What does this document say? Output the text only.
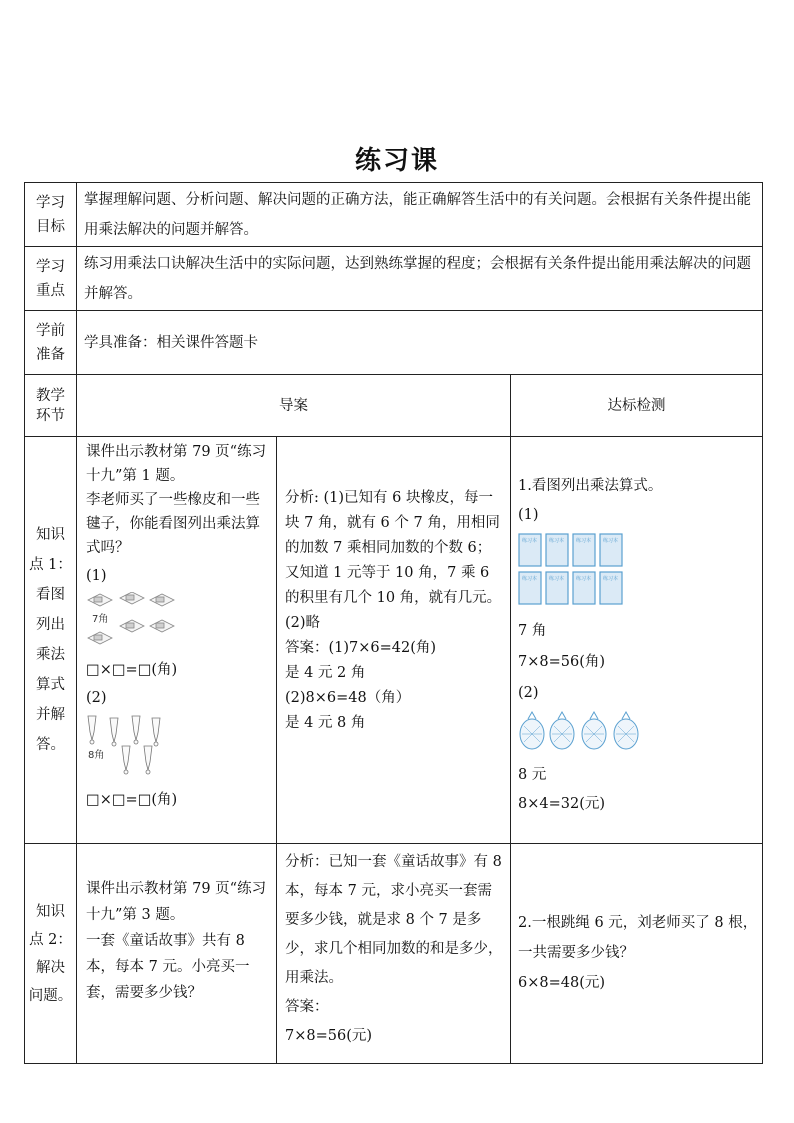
练习课

学习

目标

掌握理解问题、分析问题、解决问题的正确方法，能正确解答生活中的有关问题。会根据有关条件提出能用乘法解决的问题并解答。

学习

重点

练习用乘法口诀解决生活中的实际问题，达到熟练掌握的程度；会根据有关条件提出能用乘法解决的问题并解答。

学前

准备

学具准备：相关课件答题卡

教学

环节

导案	达标检测

知识

点 1：

看图

列出

乘法

算式

并解

答。

课件出示教材第 79 页“练习十九”第 1 题。

李老师买了一些橡皮和一些毽子，你能看图列出乘法算式吗？

(1)

7角

□×□=□(角)

(2)

8角

□×□=□(角)

分析: (1)已知有 6 块橡皮，每一块 7 角，就有 6 个 7 角，用相同的加数 7 乘相同加数的个数 6；又知道 1 元等于 10 角，7 乘 6 的积里有几个 10 角，就有几元。

(2)略

答案：(1)7×6=42(角)

是 4 元 2 角

(2)8×6=48（角）

是 4 元 8 角

1.看图列出乘法算式。

(1)

练习本 练习本 练习本 练习本
练习本 练习本 练习本 练习本

7 角

7×8=56(角)

(2)

8 元

8×4=32(元)

知识

点 2：

解决

问题。

课件出示教材第 79 页“练习十九”第 3 题。

一套《童话故事》共有 8 本，每本 7 元。小亮买一套，需要多少钱？

分析：已知一套《童话故事》有 8 本，每本 7 元，求小亮买一套需要多少钱，就是求 8 个 7 是多少，求几个相同加数的和是多少，用乘法。

答案：

7×8=56(元)

2.一根跳绳 6 元，刘老师买了 8 根，一共需要多少钱？

6×8=48(元)
